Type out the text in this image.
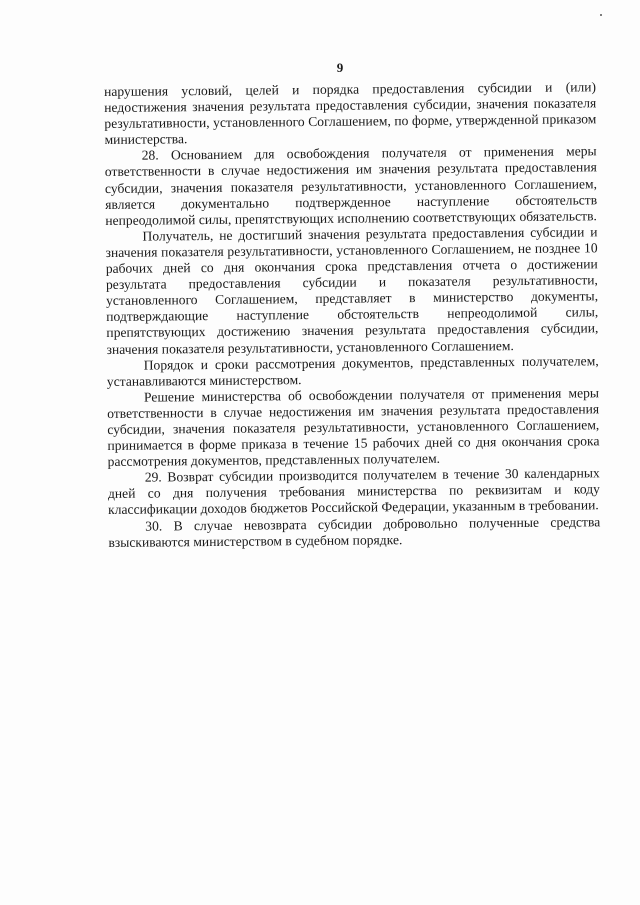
9

нарушения условий, целей и порядка предоставления субсидии и (или) недостижения значения результата предоставления субсидии, значения показателя результативности, установленного Соглашением, по форме, утвержденной приказом министерства.

28. Основанием для освобождения получателя от применения меры ответственности в случае недостижения им значения результата предоставления субсидии, значения показателя результативности, установленного Соглашением, является документально подтвержденное наступление обстоятельств непреодолимой силы, препятствующих исполнению соответствующих обязательств.

Получатель, не достигший значения результата предоставления субсидии и значения показателя результативности, установленного Соглашением, не позднее 10 рабочих дней со дня окончания срока представления отчета о достижении результата предоставления субсидии и показателя результативности, установленного Соглашением, представляет в министерство документы, подтверждающие наступление обстоятельств непреодолимой силы, препятствующих достижению значения результата предоставления субсидии, значения показателя результативности, установленного Соглашением.

Порядок и сроки рассмотрения документов, представленных получателем, устанавливаются министерством.

Решение министерства об освобождении получателя от применения меры ответственности в случае недостижения им значения результата предоставления субсидии, значения показателя результативности, установленного Соглашением, принимается в форме приказа в течение 15 рабочих дней со дня окончания срока рассмотрения документов, представленных получателем.

29. Возврат субсидии производится получателем в течение 30 календарных дней со дня получения требования министерства по реквизитам и коду классификации доходов бюджетов Российской Федерации, указанным в требовании.

30. В случае невозврата субсидии добровольно полученные средства взыскиваются министерством в судебном порядке.
